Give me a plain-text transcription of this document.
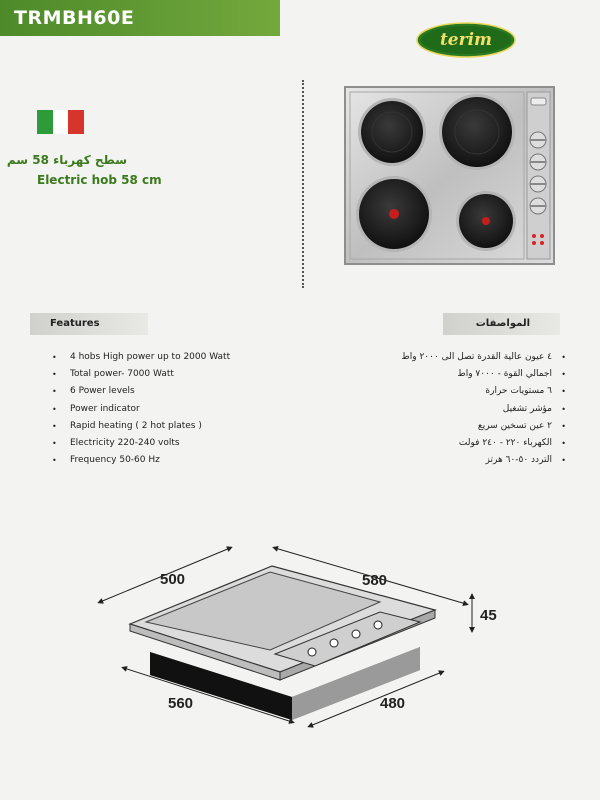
TRMBH60E
terim
سطح كهرباء 58 سم
Electric hob 58 cm
Features	المواصفات
• 4 hobs High power up to 2000 Watt
• Total power- 7000 Watt
• 6 Power levels
• Power indicator
• Rapid heating ( 2 hot plates )
• Electricity 220-240 volts
• Frequency 50-60 Hz
• ٤ عيون عالية القدرة تصل الى ٢٠٠٠ واط
• اجمالي القوة - ٧٠٠٠ واط
• ٦ مستويات حرارة
• مؤشر تشغيل
• ٢ عين تسخين سريع
• الكهرباء ٢٢٠ - ٢٤٠ فولت
• التردد ٥٠-٦٠ هرتز
500	580
45
560	480
